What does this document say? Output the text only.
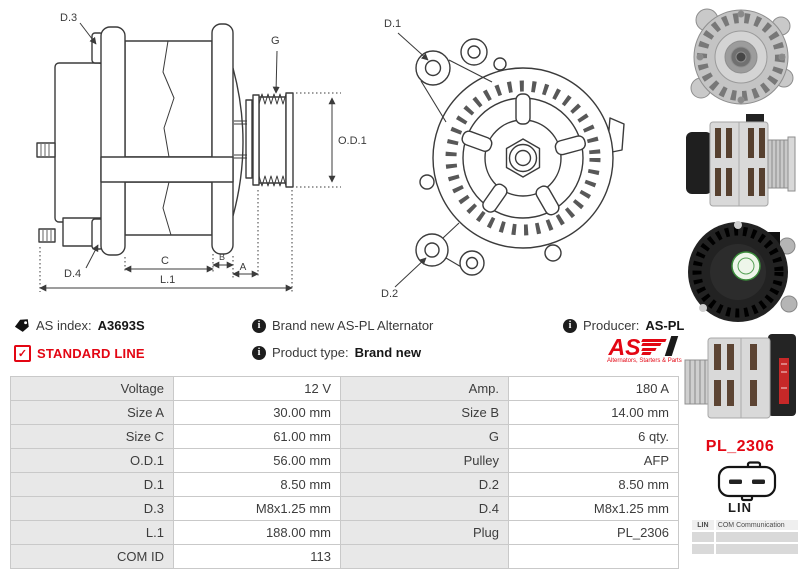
D.3
G
O.D.1
D.4
C	B
A
L.1
D.1
D.2
PL_2306
LIN
LIN	COM Communication

AS index: A3693S i	Brand new AS-PL Alternator i	Producer: AS-PL
✓
STANDARD LINE i	Product type: Brand new	AS
Alternators, Starters & Parts
Voltage	12 V	Amp.	180 A
Size A	30.00 mm	Size B	14.00 mm
Size C	61.00 mm	G	6 qty.
O.D.1	56.00 mm	Pulley	AFP
D.1	8.50 mm	D.2	8.50 mm
D.3	M8x1.25 mm	D.4	M8x1.25 mm
L.1	188.00 mm	Plug	PL_2306
COM ID	113		
